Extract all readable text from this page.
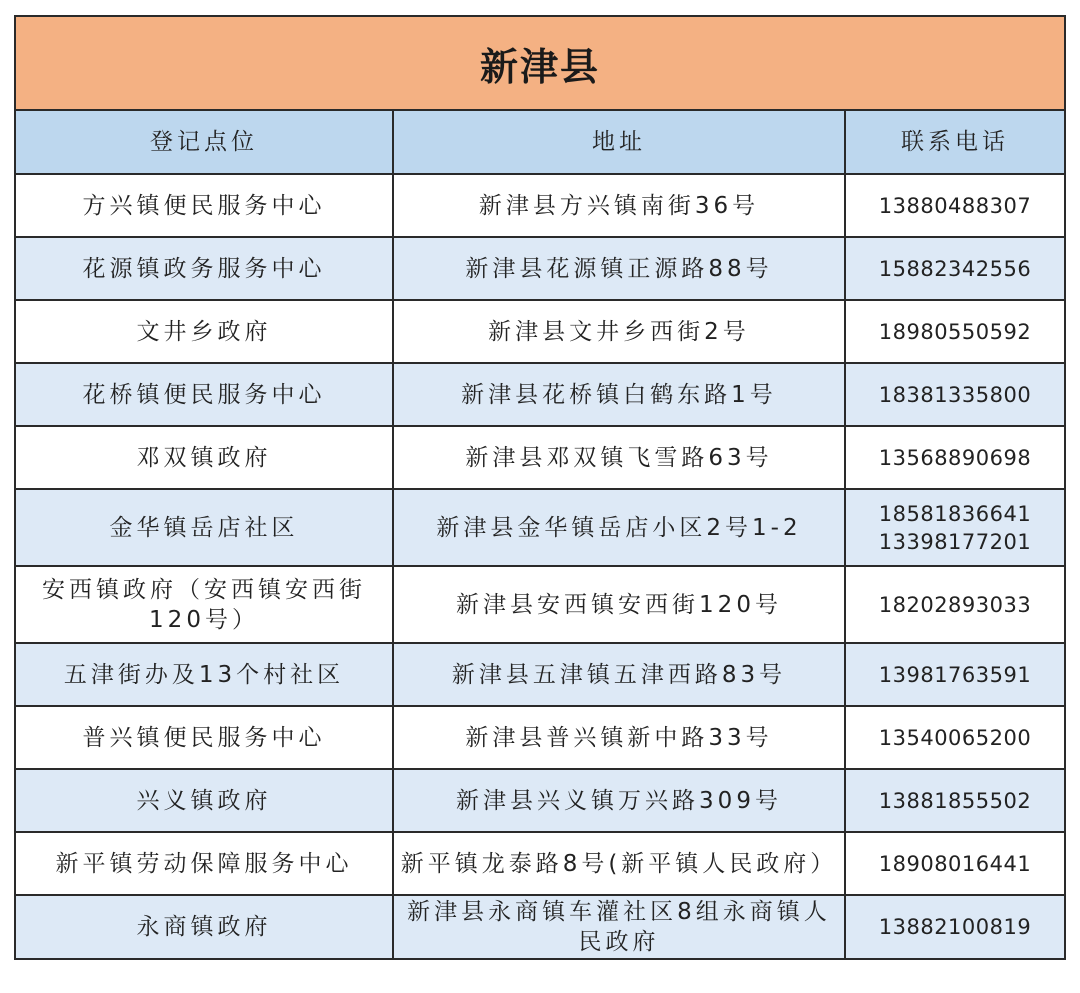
新津县
登记点位	地址	联系电话
方兴镇便民服务中心	新津县方兴镇南街36号	13880488307

花源镇政务服务中心	新津县花源镇正源路88号	15882342556

文井乡政府	新津县文井乡西街2号	18980550592

花桥镇便民服务中心	新津县花桥镇白鹤东路1号	18381335800

邓双镇政府	新津县邓双镇飞雪路63号	13568890698

金华镇岳店社区	新津县金华镇岳店小区2号1-2	18581836641
13398177201

安西镇政府（安西镇安西街120号）	新津县安西镇安西街120号	18202893033

五津街办及13个村社区	新津县五津镇五津西路83号	13981763591

普兴镇便民服务中心	新津县普兴镇新中路33号	13540065200

兴义镇政府	新津县兴义镇万兴路309号	13881855502

新平镇劳动保障服务中心	新平镇龙泰路8号(新平镇人民政府）	18908016441

永商镇政府	新津县永商镇车灌社区8组永商镇人民政府	13882100819
